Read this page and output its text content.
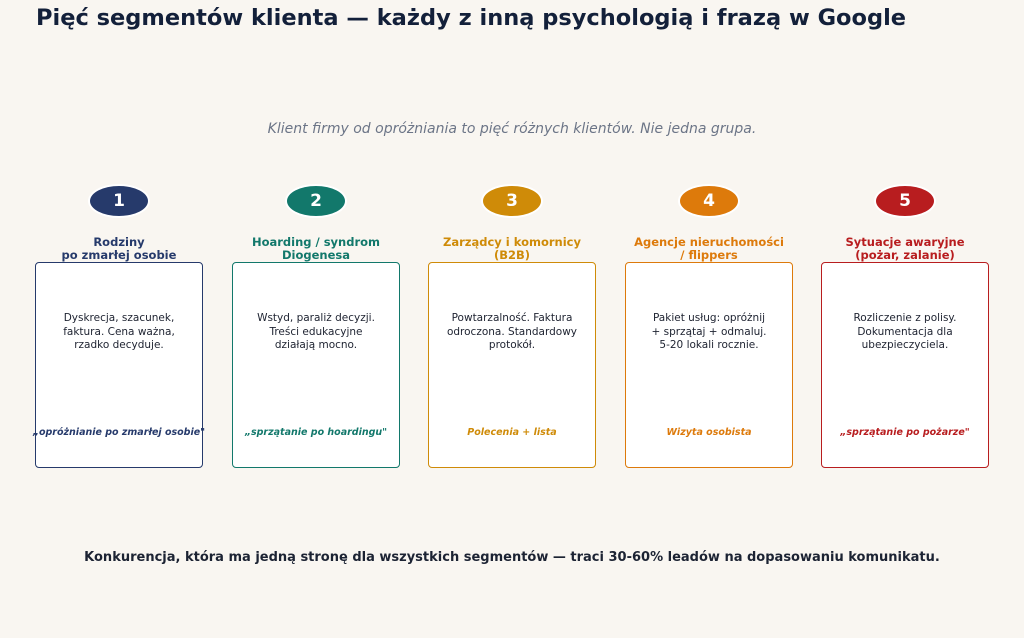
Pięć segmentów klienta — każdy z inną psychologią i frazą w Google
Klient firmy od opróżniania to pięć różnych klientów. Nie jedna grupa.
1
Rodziny
po zmarłej osobie
Dyskrecja, szacunek,
faktura. Cena ważna,
rzadko decyduje.
„opróżnianie po zmarłej osobie"
2
Hoarding / syndrom
Diogenesa
Wstyd, paraliż decyzji.
Treści edukacyjne
działają mocno.
„sprzątanie po hoardingu"
3
Zarządcy i komornicy
(B2B)
Powtarzalność. Faktura
odroczona. Standardowy
protokół.
Polecenia + lista
4
Agencje nieruchomości
/ flippers
Pakiet usług: opróżnij
+ sprzątaj + odmaluj.
5-20 lokali rocznie.
Wizyta osobista
5
Sytuacje awaryjne
(pożar, zalanie)
Rozliczenie z polisy.
Dokumentacja dla
ubezpieczyciela.
„sprzątanie po pożarze"
Konkurencja, która ma jedną stronę dla wszystkich segmentów — traci 30-60% leadów na dopasowaniu komunikatu.
